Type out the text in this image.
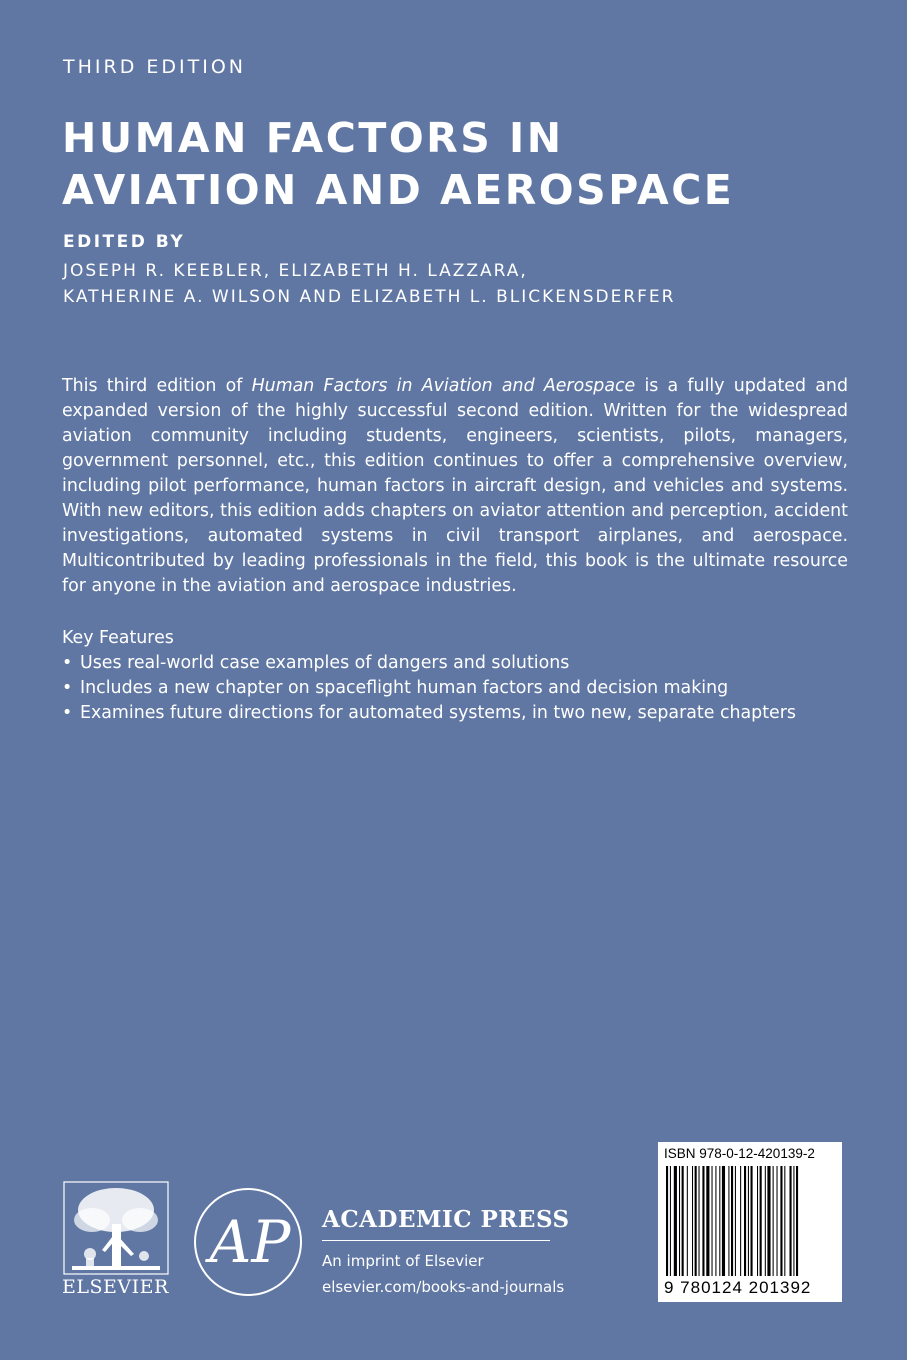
THIRD EDITION
HUMAN FACTORS IN
AVIATION AND AEROSPACE
EDITED BY
JOSEPH R. KEEBLER, ELIZABETH H. LAZZARA,
KATHERINE A. WILSON AND ELIZABETH L. BLICKENSDERFER
This third edition of Human Factors in Aviation and Aerospace is a fully updated and expanded version of the highly successful second edition. Written for the widespread aviation community including students, engineers, scientists, pilots, managers, government personnel, etc., this edition continues to offer a comprehensive overview, including pilot performance, human factors in aircraft design, and vehicles and systems. With new editors, this edition adds chapters on aviator attention and perception, accident investigations, automated systems in civil transport airplanes, and aerospace. Multicontributed by leading professionals in the field, this book is the ultimate resource for anyone in the aviation and aerospace industries.
Key Features
• Uses real-world case examples of dangers and solutions
• Includes a new chapter on spaceflight human factors and decision making
• Examines future directions for automated systems, in two new, separate chapters
ELSEVIER
AP ACADEMIC PRESS
An imprint of Elsevier
elsevier.com/books-and-journals
ISBN 978-0-12-420139-2
9 780124 201392
